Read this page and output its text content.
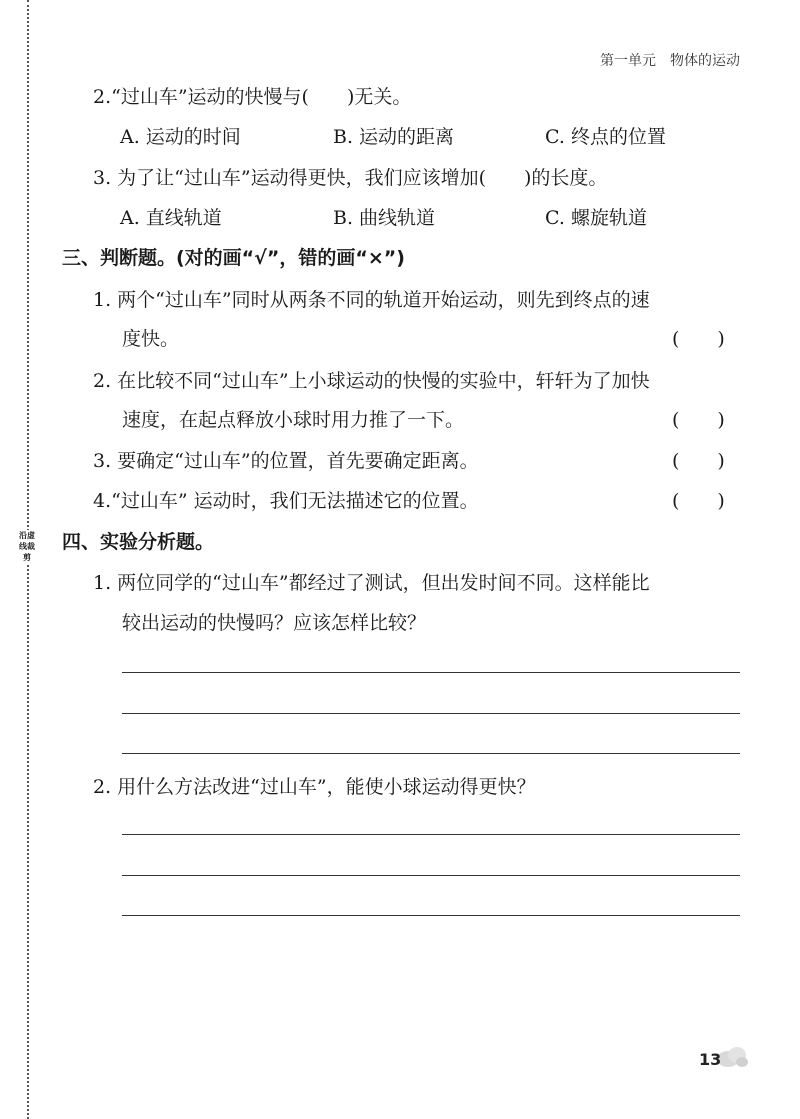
沿虚线裁剪
第一单元　物体的运动
2.“过山车”运动的快慢与(　　)无关。
A. 运动的时间	B. 运动的距离	C. 终点的位置
3. 为了让“过山车”运动得更快，我们应该增加(　　)的长度。
A. 直线轨道	B. 曲线轨道	C. 螺旋轨道
三、判断题。(对的画“√”，错的画“×”)
1. 两个“过山车”同时从两条不同的轨道开始运动，则先到终点的速
度快。	(　　)
2. 在比较不同“过山车”上小球运动的快慢的实验中，轩轩为了加快
速度，在起点释放小球时用力推了一下。	(　　)
3. 要确定“过山车”的位置，首先要确定距离。	(　　)
4.“过山车” 运动时，我们无法描述它的位置。	(　　)
四、实验分析题。
1. 两位同学的“过山车”都经过了测试，但出发时间不同。这样能比
较出运动的快慢吗？应该怎样比较？
2. 用什么方法改进“过山车”，能使小球运动得更快？
13
